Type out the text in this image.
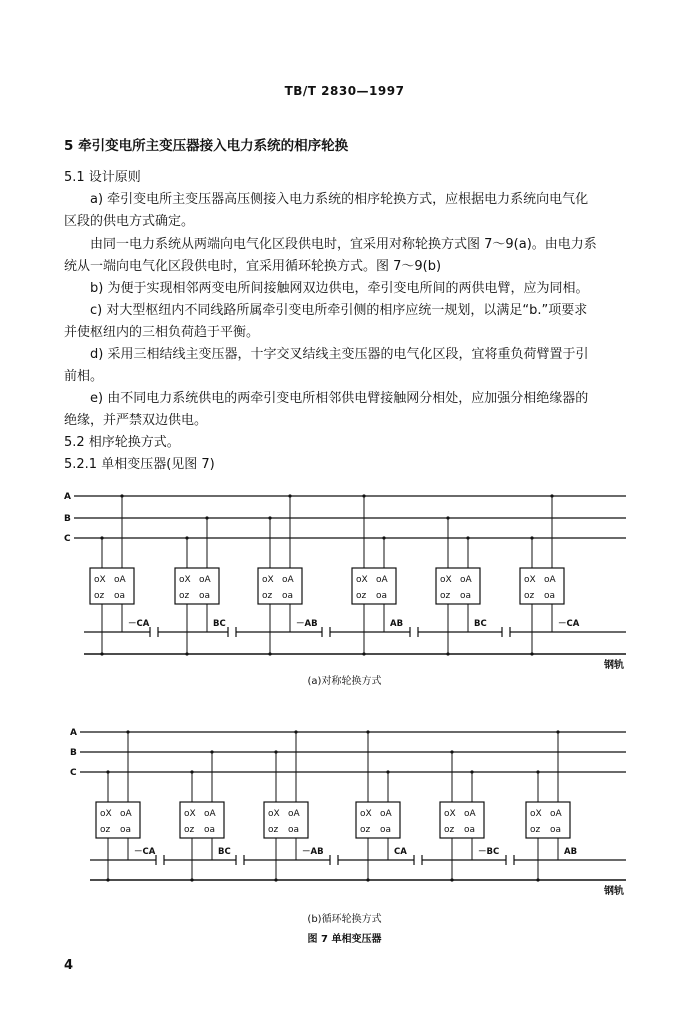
TB/T 2830—1997
5 牵引变电所主变压器接入电力系统的相序轮换
5.1 设计原则
a) 牵引变电所主变压器高压侧接入电力系统的相序轮换方式，应根据电力系统向电气化
区段的供电方式确定。
由同一电力系统从两端向电气化区段供电时，宜采用对称轮换方式图 7～9(a)。由电力系
统从一端向电气化区段供电时，宜采用循环轮换方式。图 7～9(b)
b) 为便于实现相邻两变电所间接触网双边供电，牵引变电所间的两供电臂，应为同相。
c) 对大型枢纽内不同线路所属牵引变电所牵引侧的相序应统一规划，以满足“b.”项要求
并使枢纽内的三相负荷趋于平衡。
d) 采用三相结线主变压器，十字交叉结线主变压器的电气化区段，宜将重负荷臂置于引
前相。
e) 由不同电力系统供电的两牵引变电所相邻供电臂接触网分相处，应加强分相绝缘器的
绝缘，并严禁双边供电。
5.2 相序轮换方式。
5.2.1 单相变压器(见图 7)
A
B
C
钢轨
oX oA
oz oa
－CA
oX oA
oz oa
BC
oX oA
oz oa
－AB
oX oA
oz oa
AB
oX oA
oz oa
BC
oX oA
oz oa
－CA
(a)对称轮换方式
A
B
C
钢轨
oX oA
oz oa
－CA
oX oA
oz oa
BC
oX oA
oz oa
－AB
oX oA
oz oa
CA
oX oA
oz oa
－BC
oX oA
oz oa
AB
(b)循环轮换方式
图 7 单相变压器
4
